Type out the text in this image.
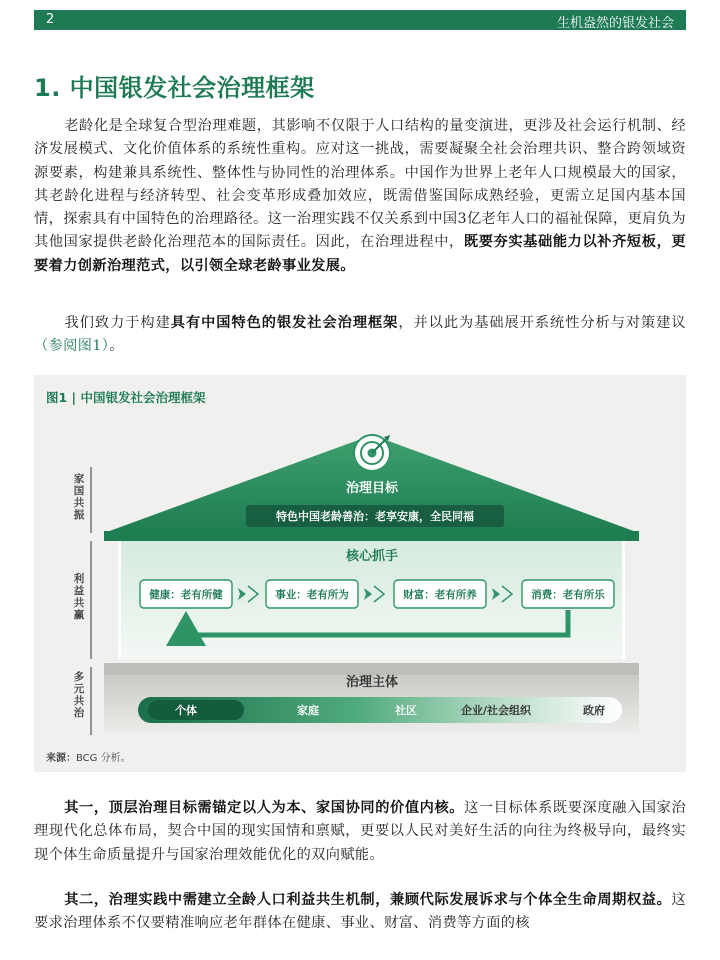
2	生机盎然的银发社会
1. 中国银发社会治理框架

老龄化是全球复合型治理难题，其影响不仅限于人口结构的量变演进，更涉及社会运行机制、经济发展模式、文化价值体系的系统性重构。应对这一挑战，需要凝聚全社会治理共识、整合跨领域资源要素，构建兼具系统性、整体性与协同性的治理体系。中国作为世界上老年人口规模最大的国家，其老龄化进程与经济转型、社会变革形成叠加效应，既需借鉴国际成熟经验，更需立足国内基本国情，探索具有中国特色的治理路径。这一治理实践不仅关系到中国3亿老年人口的福祉保障，更肩负为其他国家提供老龄化治理范本的国际责任。因此，在治理进程中，既要夯实基础能力以补齐短板，更要着力创新治理范式，以引领全球老龄事业发展。

我们致力于构建具有中国特色的银发社会治理框架，并以此为基础展开系统性分析与对策建议（参阅图1）。

图1 | 中国银发社会治理框架
治理目标
特色中国老龄善治：老享安康，全民同福
核心抓手
健康：老有所健	事业：老有所为	财富：老有所养	消费：老有所乐
治理主体
个体	家庭	社区	企业/社会组织	政府
家国共振
利益共赢
多元共治
来源：BCG 分析。

其一，顶层治理目标需锚定以人为本、家国协同的价值内核。这一目标体系既要深度融入国家治理现代化总体布局，契合中国的现实国情和禀赋，更要以人民对美好生活的向往为终极导向，最终实现个体生命质量提升与国家治理效能优化的双向赋能。

其二，治理实践中需建立全龄人口利益共生机制，兼顾代际发展诉求与个体全生命周期权益。这要求治理体系不仅要精准响应老年群体在健康、事业、财富、消费等方面的核
